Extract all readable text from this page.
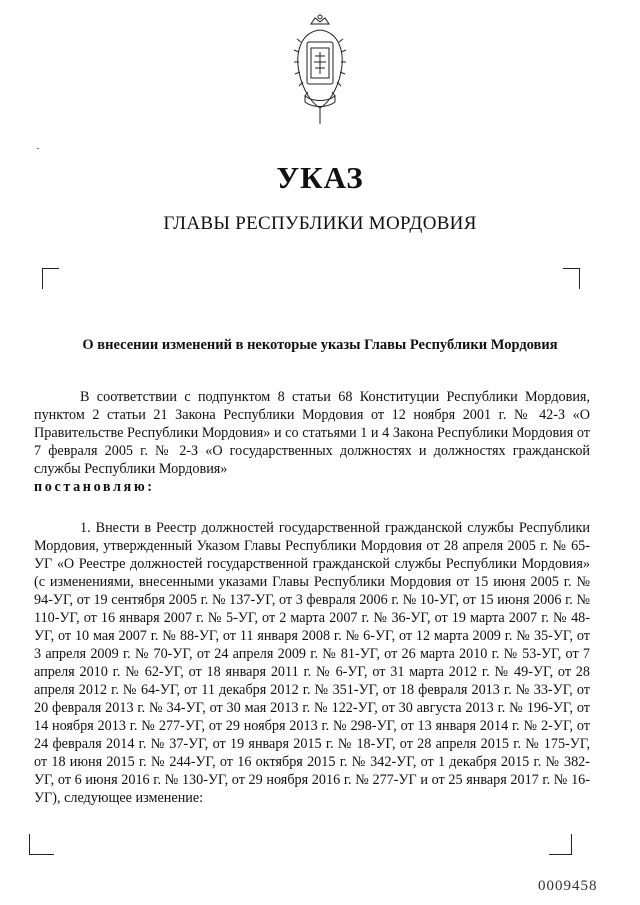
УКАЗ
ГЛАВЫ РЕСПУБЛИКИ МОРДОВИЯ
О внесении изменений в некоторые указы Главы Республики Мордовия
В соответствии с подпунктом 8 статьи 68 Конституции Республики Мордовия, пунктом 2 статьи 21 Закона Республики Мордовия от 12 ноября 2001 г. № 42-З «О Правительстве Республики Мордовия» и со статьями 1 и 4 Закона Республики Мордовия от 7 февраля 2005 г. № 2-З «О государственных должностях и должностях гражданской службы Республики Мордовия»
постановляю:
1. Внести в Реестр должностей государственной гражданской службы Республики Мордовия, утвержденный Указом Главы Республики Мордовия от 28 апреля 2005 г. № 65-УГ «О Реестре должностей государственной гражданской службы Республики Мордовия» (с изменениями, внесенными указами Главы Республики Мордовия от 15 июня 2005 г. № 94-УГ, от 19 сентября 2005 г. № 137-УГ, от 3 февраля 2006 г. № 10-УГ, от 15 июня 2006 г. № 110-УГ, от 16 января 2007 г. № 5-УГ, от 2 марта 2007 г. № 36-УГ, от 19 марта 2007 г. № 48-УГ, от 10 мая 2007 г. № 88-УГ, от 11 января 2008 г. № 6-УГ, от 12 марта 2009 г. № 35-УГ, от 3 апреля 2009 г. № 70-УГ, от 24 апреля 2009 г. № 81-УГ, от 26 марта 2010 г. № 53-УГ, от 7 апреля 2010 г. № 62-УГ, от 18 января 2011 г. № 6-УГ, от 31 марта 2012 г. № 49-УГ, от 28 апреля 2012 г. № 64-УГ, от 11 декабря 2012 г. № 351-УГ, от 18 февраля 2013 г. № 33-УГ, от 20 февраля 2013 г. № 34-УГ, от 30 мая 2013 г. № 122-УГ, от 30 августа 2013 г. № 196-УГ, от 14 ноября 2013 г. № 277-УГ, от 29 ноября 2013 г. № 298-УГ, от 13 января 2014 г. № 2-УГ, от 24 февраля 2014 г. № 37-УГ, от 19 января 2015 г. № 18-УГ, от 28 апреля 2015 г. № 175-УГ, от 18 июня 2015 г. № 244-УГ, от 16 октября 2015 г. № 342-УГ, от 1 декабря 2015 г. № 382-УГ, от 6 июня 2016 г. № 130-УГ, от 29 ноября 2016 г. № 277-УГ и от 25 января 2017 г. № 16-УГ), следующее изменение:
0009458
